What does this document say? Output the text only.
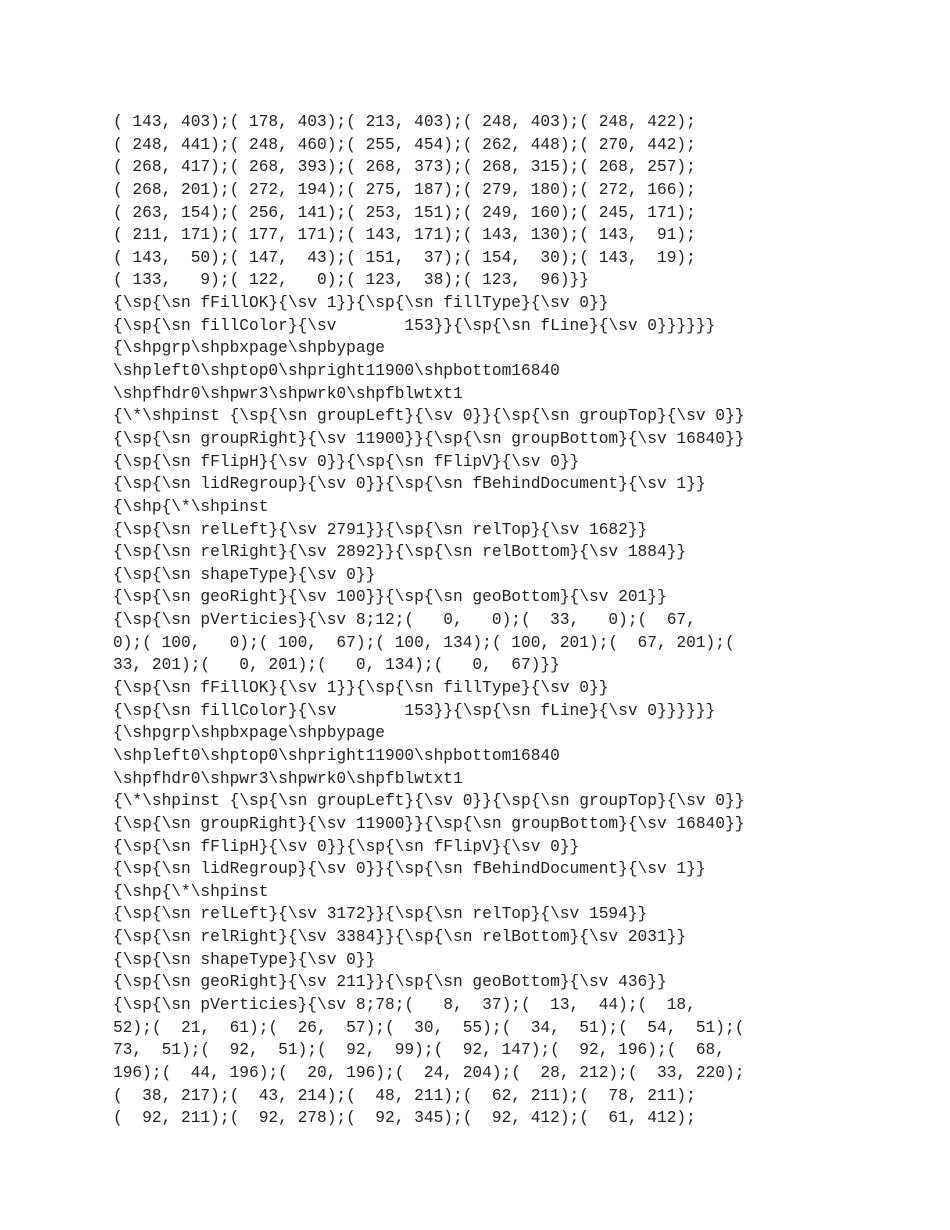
( 143, 403);( 178, 403);( 213, 403);( 248, 403);( 248, 422);
( 248, 441);( 248, 460);( 255, 454);( 262, 448);( 270, 442);
( 268, 417);( 268, 393);( 268, 373);( 268, 315);( 268, 257);
( 268, 201);( 272, 194);( 275, 187);( 279, 180);( 272, 166);
( 263, 154);( 256, 141);( 253, 151);( 249, 160);( 245, 171);
( 211, 171);( 177, 171);( 143, 171);( 143, 130);( 143,  91);
( 143,  50);( 147,  43);( 151,  37);( 154,  30);( 143,  19);
( 133,   9);( 122,   0);( 123,  38);( 123,  96)}}
{\sp{\sn fFillOK}{\sv 1}}{\sp{\sn fillType}{\sv 0}}
{\sp{\sn fillColor}{\sv       153}}{\sp{\sn fLine}{\sv 0}}}}}}
{\shpgrp\shpbxpage\shpbypage
\shpleft0\shptop0\shpright11900\shpbottom16840
\shpfhdr0\shpwr3\shpwrk0\shpfblwtxt1
{\*\shpinst {\sp{\sn groupLeft}{\sv 0}}{\sp{\sn groupTop}{\sv 0}}
{\sp{\sn groupRight}{\sv 11900}}{\sp{\sn groupBottom}{\sv 16840}}
{\sp{\sn fFlipH}{\sv 0}}{\sp{\sn fFlipV}{\sv 0}}
{\sp{\sn lidRegroup}{\sv 0}}{\sp{\sn fBehindDocument}{\sv 1}}
{\shp{\*\shpinst
{\sp{\sn relLeft}{\sv 2791}}{\sp{\sn relTop}{\sv 1682}}
{\sp{\sn relRight}{\sv 2892}}{\sp{\sn relBottom}{\sv 1884}}
{\sp{\sn shapeType}{\sv 0}}
{\sp{\sn geoRight}{\sv 100}}{\sp{\sn geoBottom}{\sv 201}}
{\sp{\sn pVerticies}{\sv 8;12;(   0,   0);(  33,   0);(  67,
0);( 100,   0);( 100,  67);( 100, 134);( 100, 201);(  67, 201);(
33, 201);(   0, 201);(   0, 134);(   0,  67)}}
{\sp{\sn fFillOK}{\sv 1}}{\sp{\sn fillType}{\sv 0}}
{\sp{\sn fillColor}{\sv       153}}{\sp{\sn fLine}{\sv 0}}}}}}
{\shpgrp\shpbxpage\shpbypage
\shpleft0\shptop0\shpright11900\shpbottom16840
\shpfhdr0\shpwr3\shpwrk0\shpfblwtxt1
{\*\shpinst {\sp{\sn groupLeft}{\sv 0}}{\sp{\sn groupTop}{\sv 0}}
{\sp{\sn groupRight}{\sv 11900}}{\sp{\sn groupBottom}{\sv 16840}}
{\sp{\sn fFlipH}{\sv 0}}{\sp{\sn fFlipV}{\sv 0}}
{\sp{\sn lidRegroup}{\sv 0}}{\sp{\sn fBehindDocument}{\sv 1}}
{\shp{\*\shpinst
{\sp{\sn relLeft}{\sv 3172}}{\sp{\sn relTop}{\sv 1594}}
{\sp{\sn relRight}{\sv 3384}}{\sp{\sn relBottom}{\sv 2031}}
{\sp{\sn shapeType}{\sv 0}}
{\sp{\sn geoRight}{\sv 211}}{\sp{\sn geoBottom}{\sv 436}}
{\sp{\sn pVerticies}{\sv 8;78;(   8,  37);(  13,  44);(  18,
52);(  21,  61);(  26,  57);(  30,  55);(  34,  51);(  54,  51);(
73,  51);(  92,  51);(  92,  99);(  92, 147);(  92, 196);(  68,
196);(  44, 196);(  20, 196);(  24, 204);(  28, 212);(  33, 220);
(  38, 217);(  43, 214);(  48, 211);(  62, 211);(  78, 211);
(  92, 211);(  92, 278);(  92, 345);(  92, 412);(  61, 412);
